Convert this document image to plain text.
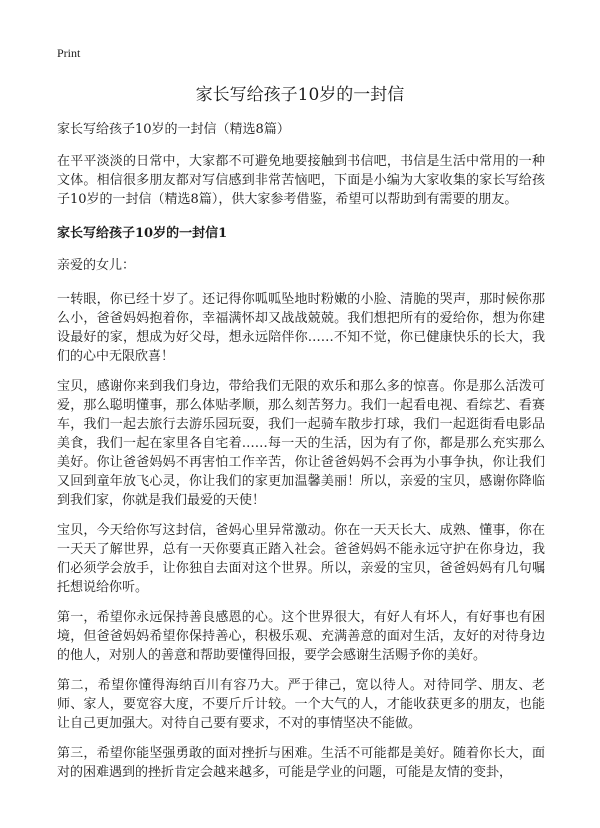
Print
家长写给孩子10岁的一封信

家长写给孩子10岁的一封信（精选8篇）

在平平淡淡的日常中，大家都不可避免地要接触到书信吧，书信是生活中常用的一种文体。相信很多朋友都对写信感到非常苦恼吧，下面是小编为大家收集的家长写给孩子10岁的一封信（精选8篇），供大家参考借鉴，希望可以帮助到有需要的朋友。

家长写给孩子10岁的一封信1

亲爱的女儿：

一转眼，你已经十岁了。还记得你呱呱坠地时粉嫩的小脸、清脆的哭声，那时候你那么小，爸爸妈妈抱着你，幸福满怀却又战战兢兢。我们想把所有的爱给你，想为你建设最好的家，想成为好父母，想永远陪伴你……不知不觉，你已健康快乐的长大，我们的心中无限欣喜！

宝贝，感谢你来到我们身边，带给我们无限的欢乐和那么多的惊喜。你是那么活泼可爱，那么聪明懂事，那么体贴孝顺，那么刻苦努力。我们一起看电视、看综艺、看赛车，我们一起去旅行去游乐园玩耍，我们一起骑车散步打球，我们一起逛街看电影品美食，我们一起在家里各自宅着……每一天的生活，因为有了你，都是那么充实那么美好。你让爸爸妈妈不再害怕工作辛苦，你让爸爸妈妈不会再为小事争执，你让我们又回到童年放飞心灵，你让我们的家更加温馨美丽！所以，亲爱的宝贝，感谢你降临到我们家，你就是我们最爱的天使！

宝贝，今天给你写这封信，爸妈心里异常激动。你在一天天长大、成熟、懂事，你在一天天了解世界，总有一天你要真正踏入社会。爸爸妈妈不能永远守护在你身边，我们必须学会放手，让你独自去面对这个世界。所以，亲爱的宝贝，爸爸妈妈有几句嘱托想说给你听。

第一，希望你永远保持善良感恩的心。这个世界很大，有好人有坏人，有好事也有困境，但爸爸妈妈希望你保持善心，积极乐观、充满善意的面对生活，友好的对待身边的他人，对别人的善意和帮助要懂得回报，要学会感谢生活赐予你的美好。

第二，希望你懂得海纳百川有容乃大。严于律己，宽以待人。对待同学、朋友、老师、家人，要宽容大度，不要斤斤计较。一个大气的人，才能收获更多的朋友，也能让自己更加强大。对待自己要有要求，不对的事情坚决不能做。

第三，希望你能坚强勇敢的面对挫折与困难。生活不可能都是美好。随着你长大，面对的困难遇到的挫折肯定会越来越多，可能是学业的问题，可能是友情的变卦，
